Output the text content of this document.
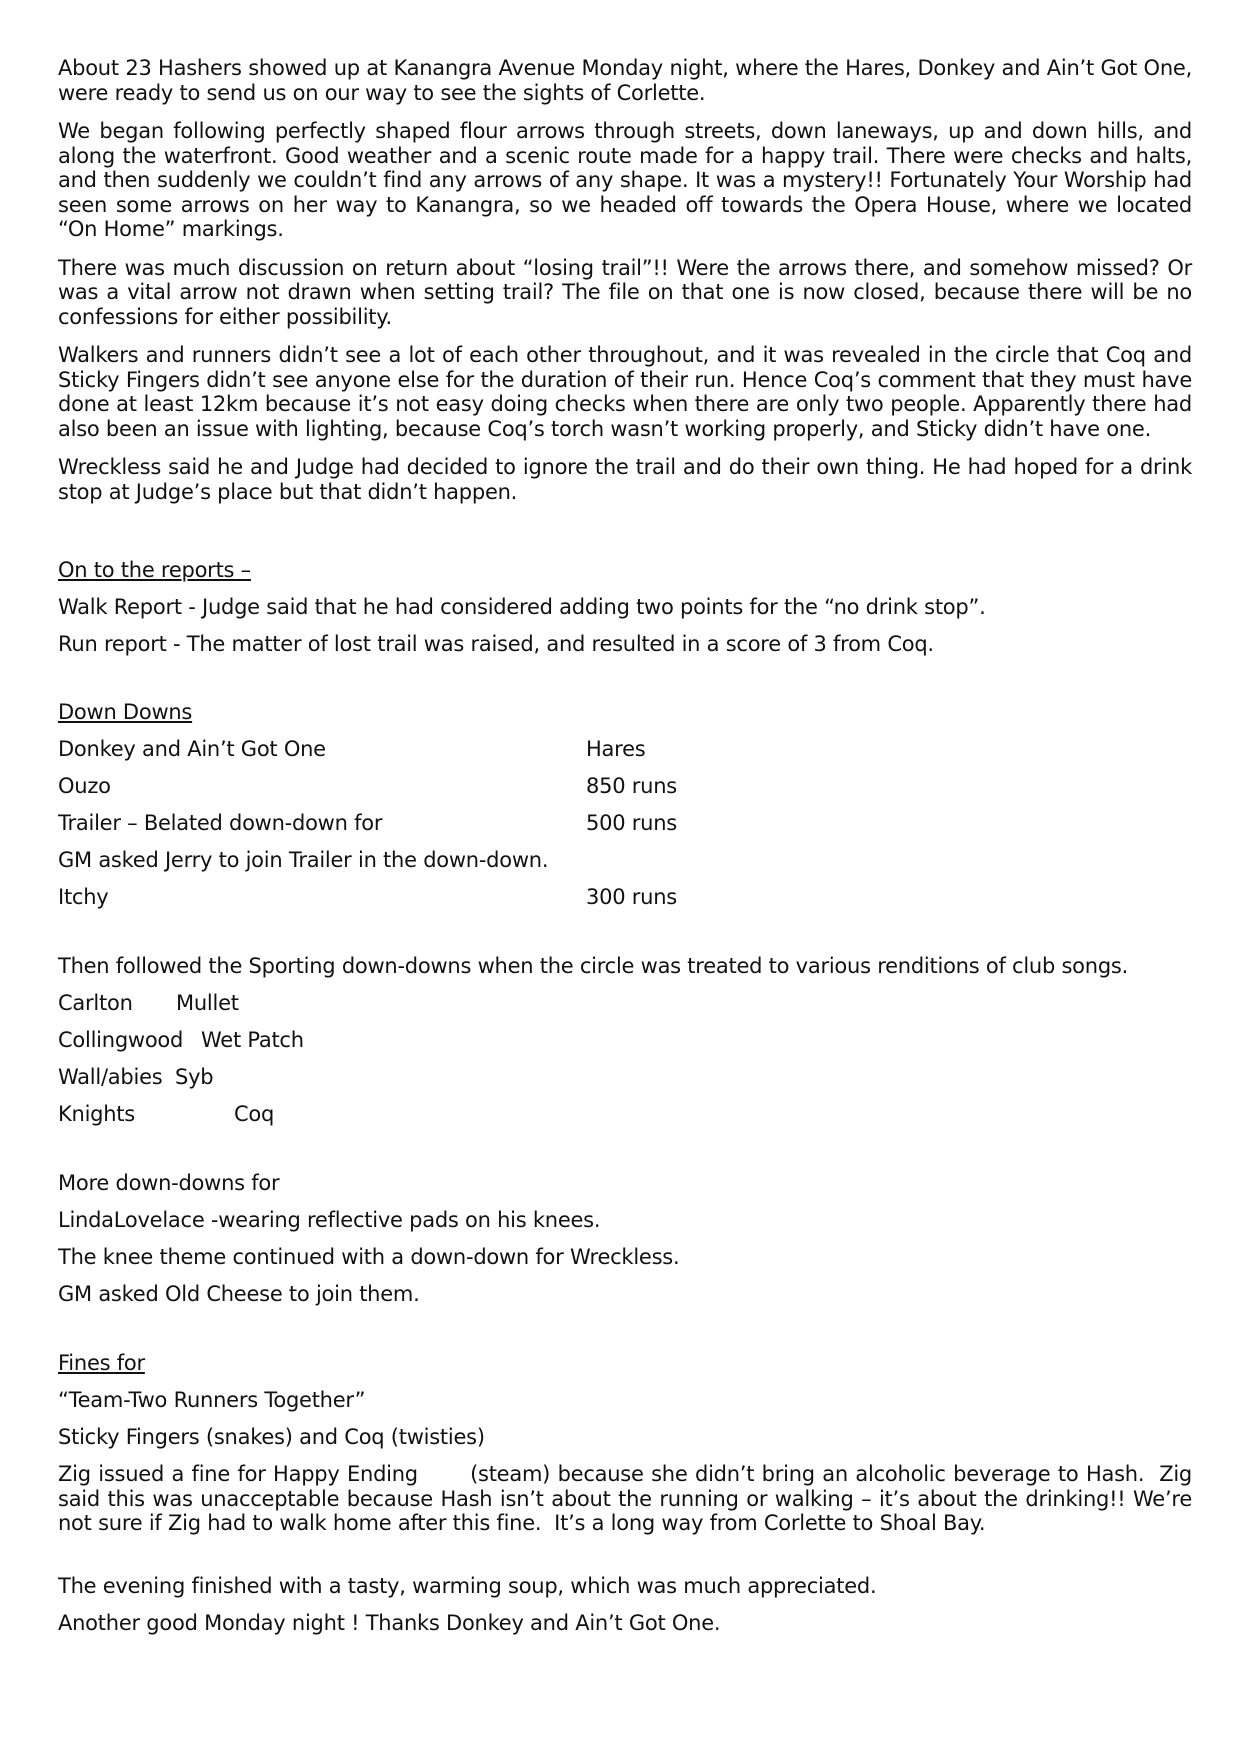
About 23 Hashers showed up at Kanangra Avenue Monday night, where the Hares, Donkey and Ain’t Got One, were ready to send us on our way to see the sights of Corlette.

We began following perfectly shaped flour arrows through streets, down laneways, up and down hills, and along the waterfront. Good weather and a scenic route made for a happy trail. There were checks and halts, and then suddenly we couldn’t find any arrows of any shape. It was a mystery!! Fortunately Your Worship had seen some arrows on her way to Kanangra, so we headed off towards the Opera House, where we located “On Home” markings.

There was much discussion on return about “losing trail”!! Were the arrows there, and somehow missed? Or was a vital arrow not drawn when setting trail? The file on that one is now closed, because there will be no confessions for either possibility.

Walkers and runners didn’t see a lot of each other throughout, and it was revealed in the circle that Coq and Sticky Fingers didn’t see anyone else for the duration of their run. Hence Coq’s comment that they must have done at least 12km because it’s not easy doing checks when there are only two people. Apparently there had also been an issue with lighting, because Coq’s torch wasn’t working properly, and Sticky didn’t have one.

Wreckless said he and Judge had decided to ignore the trail and do their own thing. He had hoped for a drink stop at Judge’s place but that didn’t happen.

On to the reports –
Walk Report - Judge said that he had considered adding two points for the “no drink stop”.
Run report - The matter of lost trail was raised, and resulted in a score of 3 from Coq.
Down Downs
Donkey and Ain’t Got One	Hares
Ouzo	850 runs
Trailer – Belated down-down for	500 runs
GM asked Jerry to join Trailer in the down-down.
Itchy	300 runs
Then followed the Sporting down-downs when the circle was treated to various renditions of club songs.
Carlton Mullet
Collingwood Wet Patch
Wall/abies Syb
Knights	Coq
More down-downs for
LindaLovelace -wearing reflective pads on his knees.
The knee theme continued with a down-down for Wreckless.
GM asked Old Cheese to join them.
Fines for
“Team-Two Runners Together”
Sticky Fingers (snakes) and Coq (twisties)

Zig issued a fine for Happy Ending       (steam) because she didn’t bring an alcoholic beverage to Hash.  Zig said this was unacceptable because Hash isn’t about the running or walking – it’s about the drinking!! We’re not sure if Zig had to walk home after this fine.  It’s a long way from Corlette to Shoal Bay.

The evening finished with a tasty, warming soup, which was much appreciated.
Another good Monday night ! Thanks Donkey and Ain’t Got One.
